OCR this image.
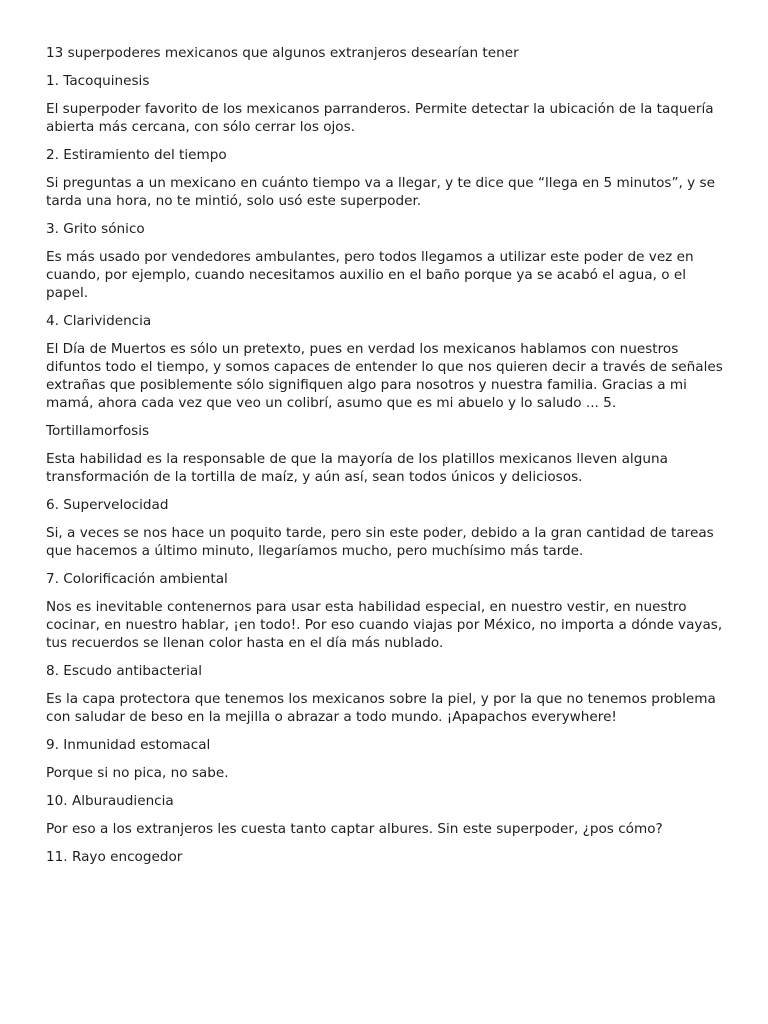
13 superpoderes mexicanos que algunos extranjeros desearían tener

1. Tacoquinesis

El superpoder favorito de los mexicanos parranderos. Permite detectar la ubicación de la taquería abierta más cercana, con sólo cerrar los ojos.

2. Estiramiento del tiempo

Si preguntas a un mexicano en cuánto tiempo va a llegar, y te dice que “llega en 5 minutos”, y se tarda una hora, no te mintió, solo usó este superpoder.

3. Grito sónico

Es más usado por vendedores ambulantes, pero todos llegamos a utilizar este poder de vez en cuando, por ejemplo, cuando necesitamos auxilio en el baño porque ya se acabó el agua, o el papel.

4. Clarividencia

El Día de Muertos es sólo un pretexto, pues en verdad los mexicanos hablamos con nuestros difuntos todo el tiempo, y somos capaces de entender lo que nos quieren decir a través de señales extrañas que posiblemente sólo signifiquen algo para nosotros y nuestra familia. Gracias a mi mamá, ahora cada vez que veo un colibrí, asumo que es mi abuelo y lo saludo ... 5.

Tortillamorfosis

Esta habilidad es la responsable de que la mayoría de los platillos mexicanos lleven alguna transformación de la tortilla de maíz, y aún así, sean todos únicos y deliciosos.

6. Supervelocidad

Si, a veces se nos hace un poquito tarde, pero sin este poder, debido a la gran cantidad de tareas que hacemos a último minuto, llegaríamos mucho, pero muchísimo más tarde.

7. Colorificación ambiental

Nos es inevitable contenernos para usar esta habilidad especial, en nuestro vestir, en nuestro cocinar, en nuestro hablar, ¡en todo!. Por eso cuando viajas por México, no importa a dónde vayas, tus recuerdos se llenan color hasta en el día más nublado.

8. Escudo antibacterial

Es la capa protectora que tenemos los mexicanos sobre la piel, y por la que no tenemos problema con saludar de beso en la mejilla o abrazar a todo mundo. ¡Apapachos everywhere!

9. Inmunidad estomacal

Porque si no pica, no sabe.

10. Alburaudiencia

Por eso a los extranjeros les cuesta tanto captar albures. Sin este superpoder, ¿pos cómo?

11. Rayo encogedor
